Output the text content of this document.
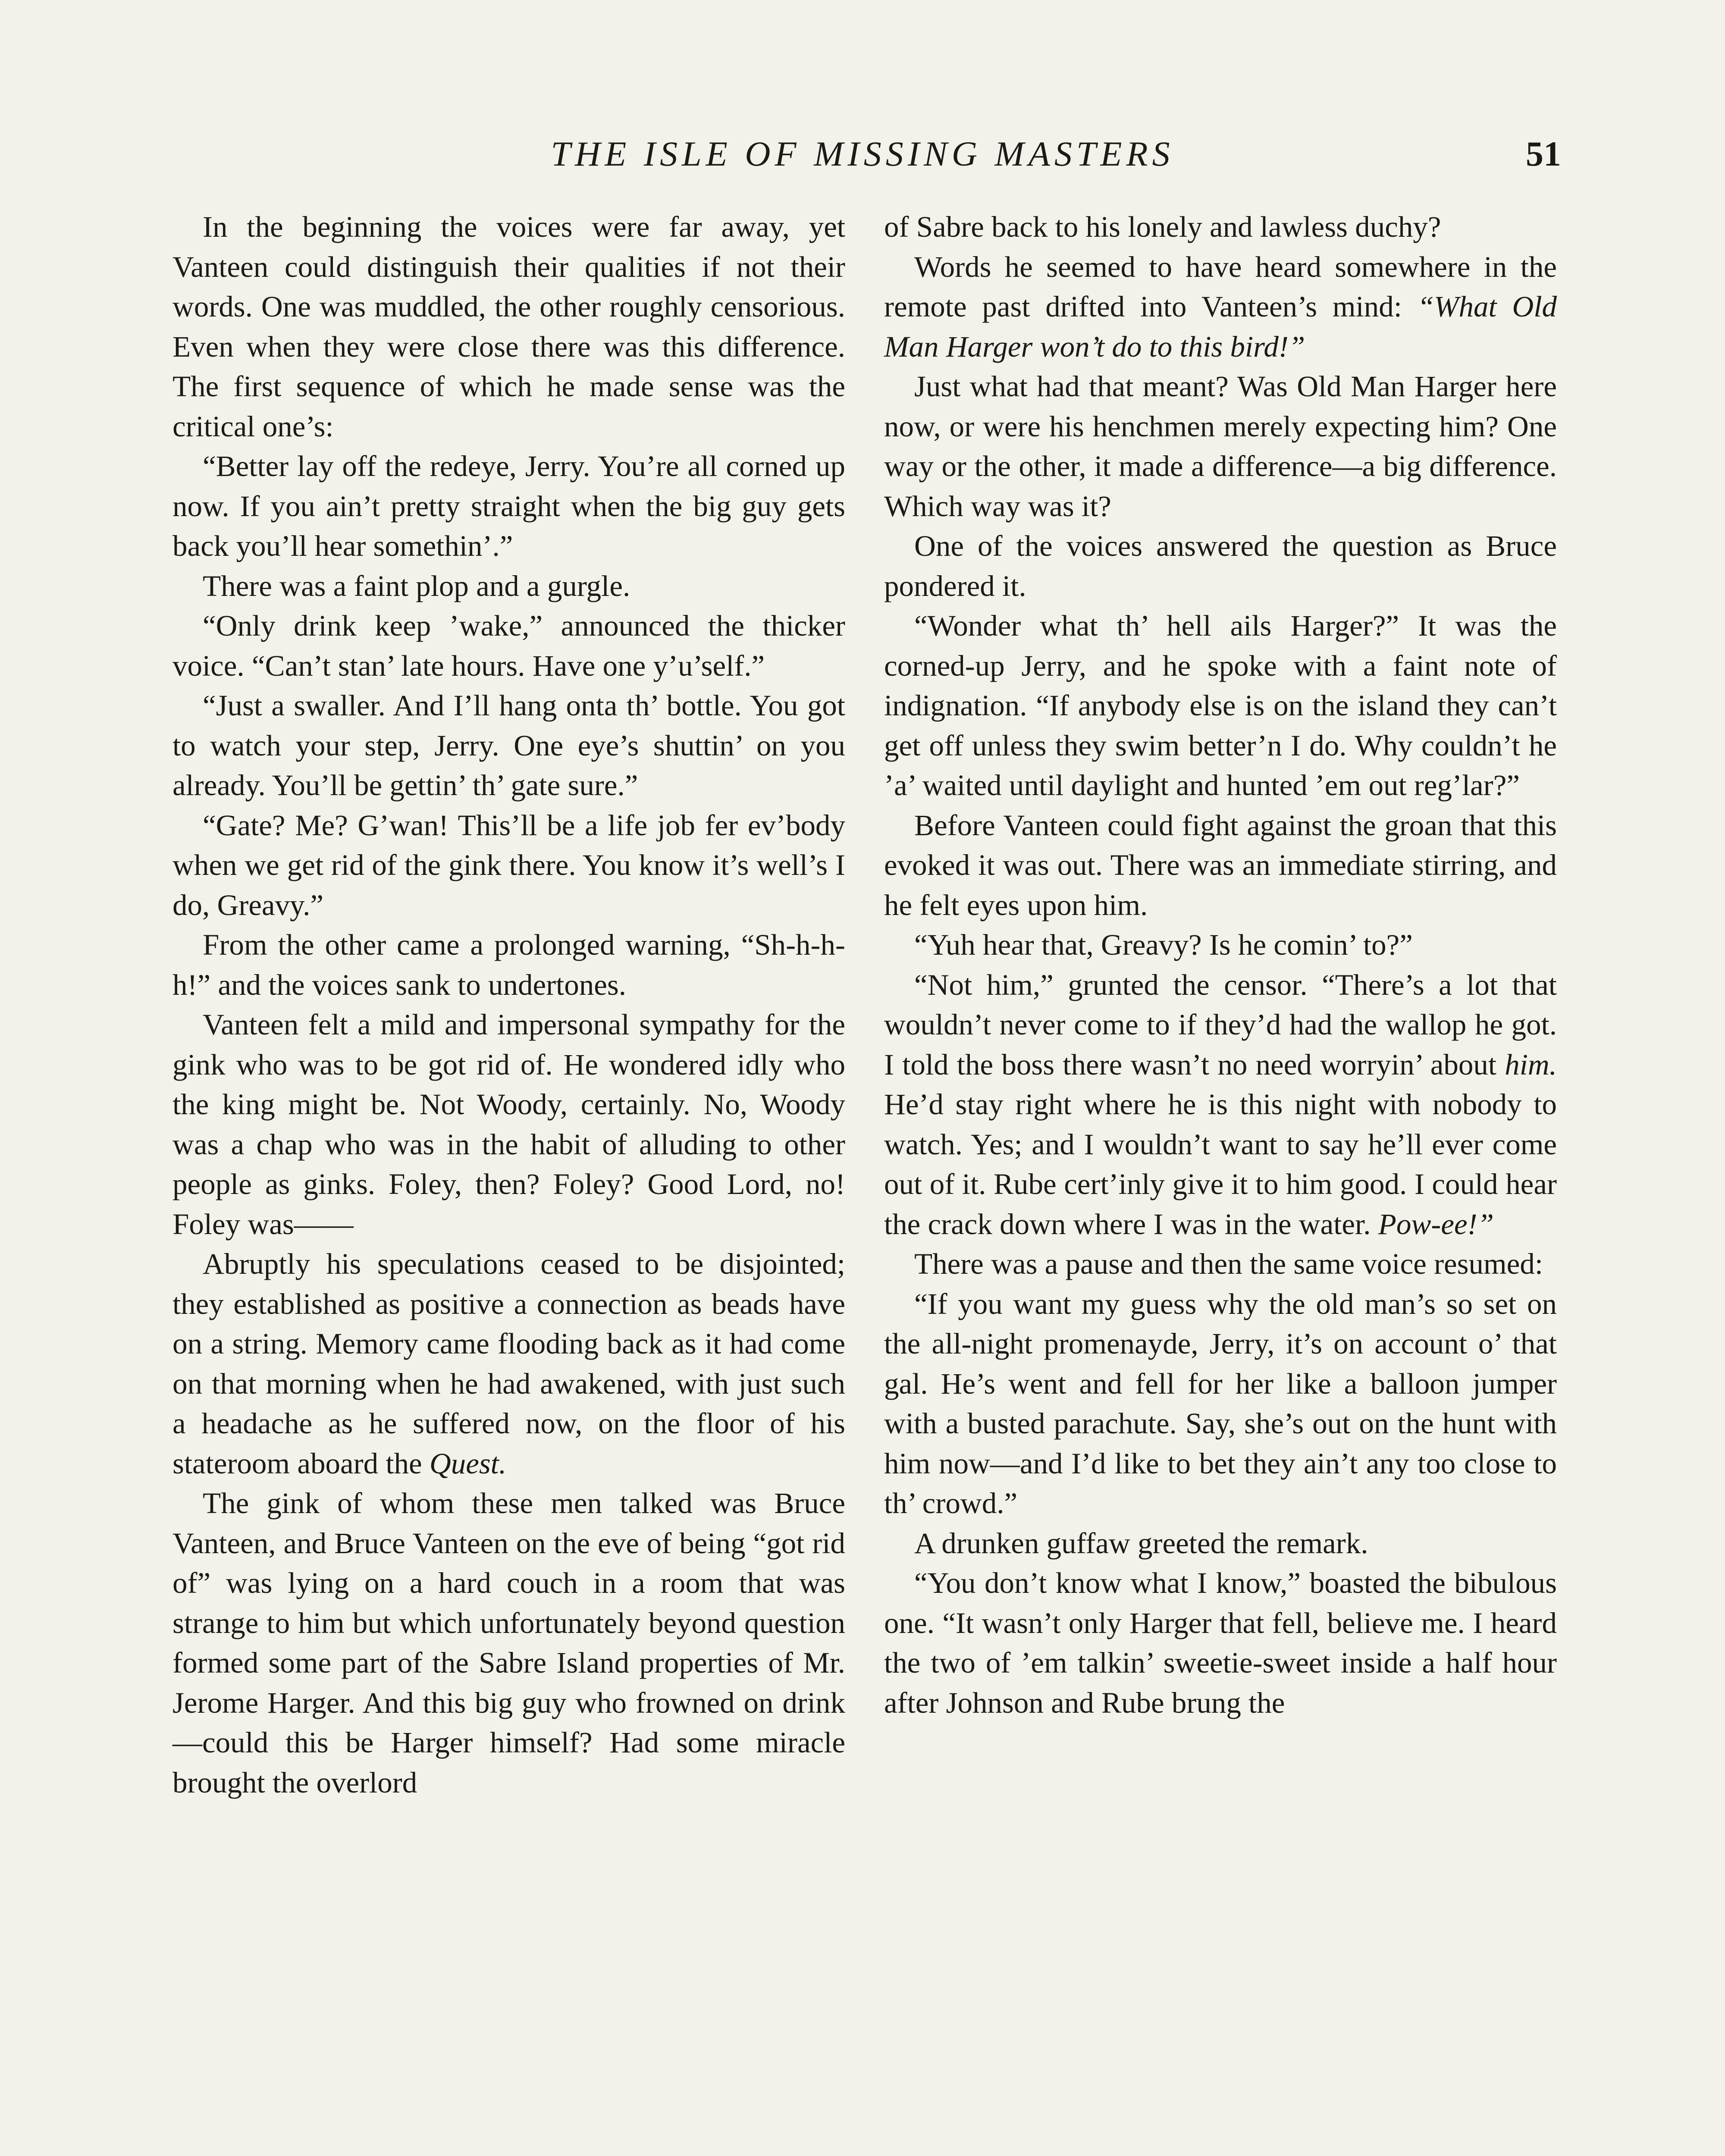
THE ISLE OF MISSING MASTERS	51

In the beginning the voices were far away, yet Vanteen could distinguish their qualities if not their words. One was muddled, the other roughly censorious. Even when they were close there was this difference. The first sequence of which he made sense was the critical one’s:

“Better lay off the redeye, Jerry. You’re all corned up now. If you ain’t pretty straight when the big guy gets back you’ll hear somethin’.”

There was a faint plop and a gurgle.

“Only drink keep ’wake,” announced the thicker voice. “Can’t stan’ late hours. Have one y’u’self.”

“Just a swaller. And I’ll hang onta th’ bottle. You got to watch your step, Jerry. One eye’s shuttin’ on you already. You’ll be gettin’ th’ gate sure.”

“Gate? Me? G’wan! This’ll be a life job fer ev’body when we get rid of the gink there. You know it’s well’s I do, Greavy.”

From the other came a prolonged warning, “Sh-h-h-h!” and the voices sank to undertones.

Vanteen felt a mild and impersonal sympathy for the gink who was to be got rid of. He wondered idly who the king might be. Not Woody, certainly. No, Woody was a chap who was in the habit of alluding to other people as ginks. Foley, then? Foley? Good Lord, no! Foley was——

Abruptly his speculations ceased to be disjointed; they established as positive a connection as beads have on a string. Memory came flooding back as it had come on that morning when he had awakened, with just such a headache as he suffered now, on the floor of his stateroom aboard the Quest.

The gink of whom these men talked was Bruce Vanteen, and Bruce Vanteen on the eve of being “got rid of” was lying on a hard couch in a room that was strange to him but which unfortunately beyond question formed some part of the Sabre Island properties of Mr. Jerome Harger. And this big guy who frowned on drink—could this be Harger himself? Had some miracle brought the overlord

of Sabre back to his lonely and lawless duchy?

Words he seemed to have heard somewhere in the remote past drifted into Vanteen’s mind: “What Old Man Harger won’t do to this bird!”

Just what had that meant? Was Old Man Harger here now, or were his henchmen merely expecting him? One way or the other, it made a difference—a big difference. Which way was it?

One of the voices answered the question as Bruce pondered it.

“Wonder what th’ hell ails Harger?” It was the corned-up Jerry, and he spoke with a faint note of indignation. “If anybody else is on the island they can’t get off unless they swim better’n I do. Why couldn’t he ’a’ waited until daylight and hunted ’em out reg’lar?”

Before Vanteen could fight against the groan that this evoked it was out. There was an immediate stirring, and he felt eyes upon him.

“Yuh hear that, Greavy? Is he comin’ to?”

“Not him,” grunted the censor. “There’s a lot that wouldn’t never come to if they’d had the wallop he got. I told the boss there wasn’t no need worryin’ about him. He’d stay right where he is this night with nobody to watch. Yes; and I wouldn’t want to say he’ll ever come out of it. Rube cert’inly give it to him good. I could hear the crack down where I was in the water. Pow-ee!”

There was a pause and then the same voice resumed:

“If you want my guess why the old man’s so set on the all-night promenayde, Jerry, it’s on account o’ that gal. He’s went and fell for her like a balloon jumper with a busted parachute. Say, she’s out on the hunt with him now—and I’d like to bet they ain’t any too close to th’ crowd.”

A drunken guffaw greeted the remark.

“You don’t know what I know,” boasted the bibulous one. “It wasn’t only Harger that fell, believe me. I heard the two of ’em talkin’ sweetie-sweet inside a half hour after Johnson and Rube brung the
